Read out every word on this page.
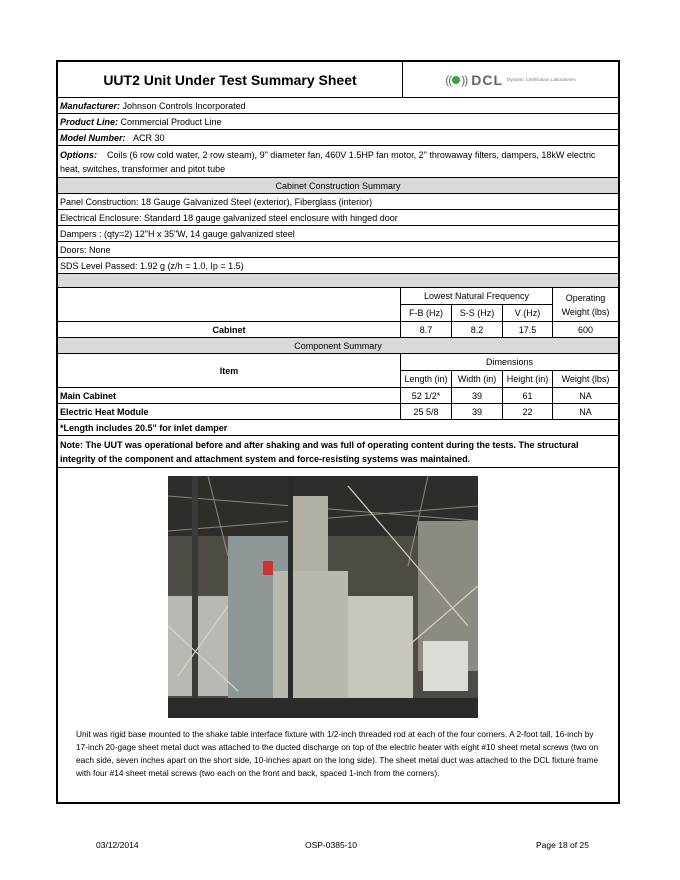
UUT2 Unit Under Test Summary Sheet	(( )) DCL Dynamic Certification Laboratories
Manufacturer:
Johnson Controls Incorporated
Product Line:
Commercial Product Line
Model Number:
ACR 30
Options: Coils (6 row cold water, 2 row steam), 9" diameter fan, 460V 1.5HP fan motor, 2" throwaway filters, dampers, 18kW electric
heat, switches, transformer and pitot tube
Cabinet Construction Summary
Panel Construction: 18 Gauge Galvanized Steel (exterior), Fiberglass (interior)
Electrical Enclosure: Standard 18 gauge galvanized steel enclosure with hinged door
Dampers : (qty=2) 12"H x 35"W, 14 gauge galvanized steel
Doors: None
SDS Level Passed: 1.92 g (z/h = 1.0, Ip = 1.5)
Lowest Natural Frequency
F-B (Hz)	S-S (Hz)	V (Hz)
Operating
Weight (lbs)
Cabinet	8.7	8.2	17.5	600
Component Summary
Item
Dimensions
Length (in)	Width (in)	Height (in)	Weight (lbs)
Main Cabinet	52 1/2*	39	61	NA
Electric Heat Module	25 5/8	39	22	NA
*Length includes 20.5" for inlet damper
Note: The UUT was operational before and after shaking and was full of operating content during the tests. The structural integrity of the component and attachment system and force-resisting systems was maintained.
Unit was rigid base mounted to the shake table interface fixture with 1/2-inch threaded rod at each of the four corners. A 2-foot tall, 16-inch by 17-inch 20-gage sheet metal duct was attached to the ducted discharge on top of the electric heater with eight #10 sheet metal screws (two on each side, seven inches apart on the short side, 10-inches apart on the long side). The sheet metal duct was attached to the DCL fixture frame with four #14 sheet metal screws (two each on the front and back, spaced 1-inch from the corners).
03/12/2014	OSP-0385-10	Page 18 of 25
